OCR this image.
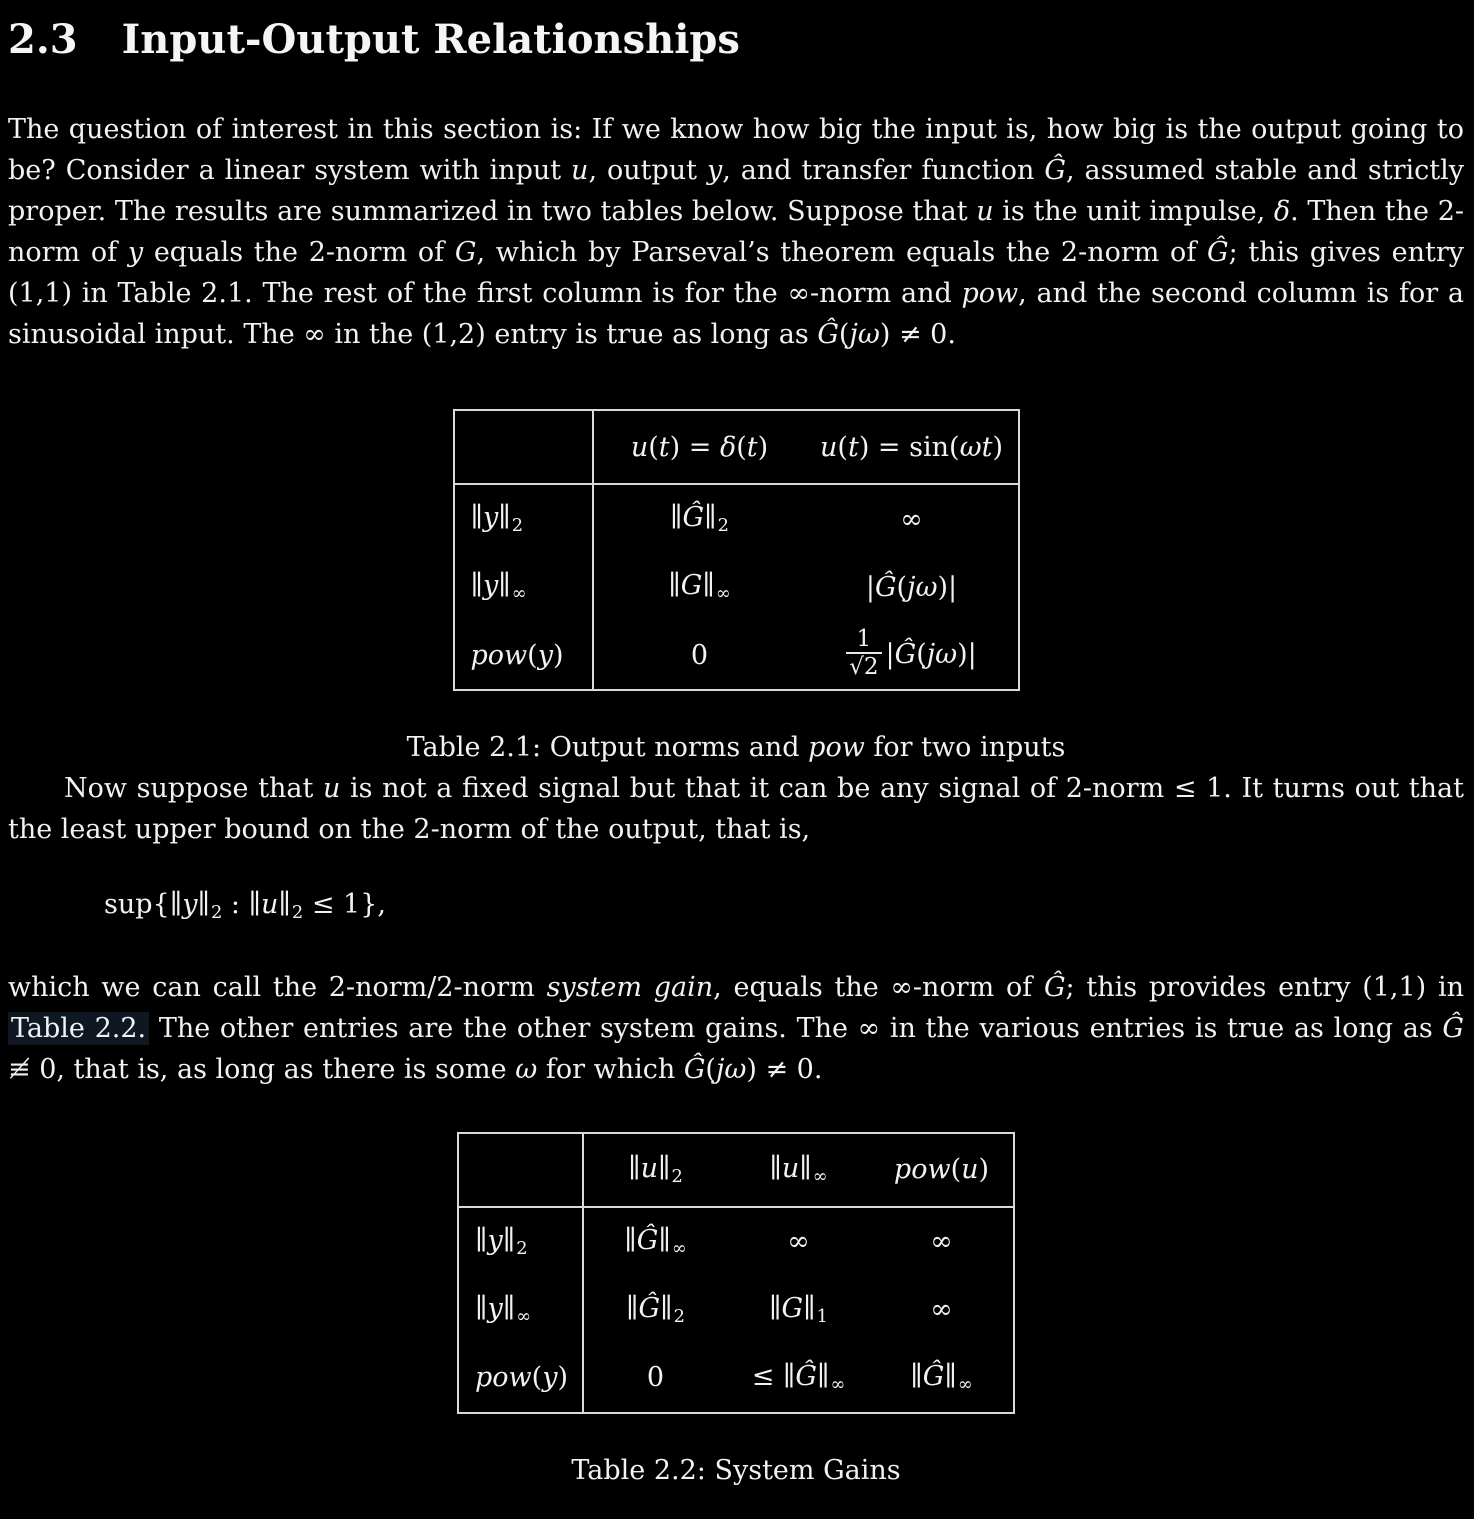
2.3 Input-Output Relationships

The question of interest in this section is: If we know how big the input is, how big is the output going to be? Consider a linear system with input u, output y, and transfer function Ĝ, assumed stable and strictly proper. The results are summarized in two tables below. Suppose that u is the unit impulse, δ. Then the 2-norm of y equals the 2-norm of G, which by Parseval’s theorem equals the 2-norm of Ĝ; this gives entry (1,1) in Table 2.1. The rest of the first column is for the ∞-norm and pow, and the second column is for a sinusoidal input. The ∞ in the (1,2) entry is true as long as Ĝ(jω) ≠ 0.

	u(t) = δ(t)	u(t) = sin(ωt)
$\parallel y\parallel_2$	$\parallel Ĝ\parallel_2$	∞
$\parallel y\parallel_\infty$	$\parallel G\parallel_\infty$	|Ĝ(jω)|
pow(y)	0	$\frac{1}{√2}$ |Ĝ(jω)|
Table 2.1: Output norms and pow for two inputs

Now suppose that u is not a fixed signal but that it can be any signal of 2-norm ≤ 1. It turns out that the least upper bound on the 2-norm of the output, that is,

$sup\{\parallel y\parallel_2$ : $\parallel u\parallel_2 \le 1$},

which we can call the 2-norm/2-norm system gain, equals the ∞-norm of Ĝ; this provides entry (1,1) in Table 2.2. The other entries are the other system gains. The ∞ in the various entries is true as long as Ĝ ≢ 0, that is, as long as there is some ω for which Ĝ(jω) ≠ 0.

	$\parallel u\parallel_2$	$\parallel u\parallel_\infty$	pow(u)
$\parallel y\parallel_2$	$\parallel Ĝ\parallel_\infty$	∞	∞
$\parallel y\parallel_\infty$	$\parallel Ĝ\parallel_2$	$\parallel G\parallel_1$	∞
pow(y)	0	≤ $\parallel Ĝ\parallel_\infty$	$\parallel Ĝ\parallel_\infty$
Table 2.2: System Gains
